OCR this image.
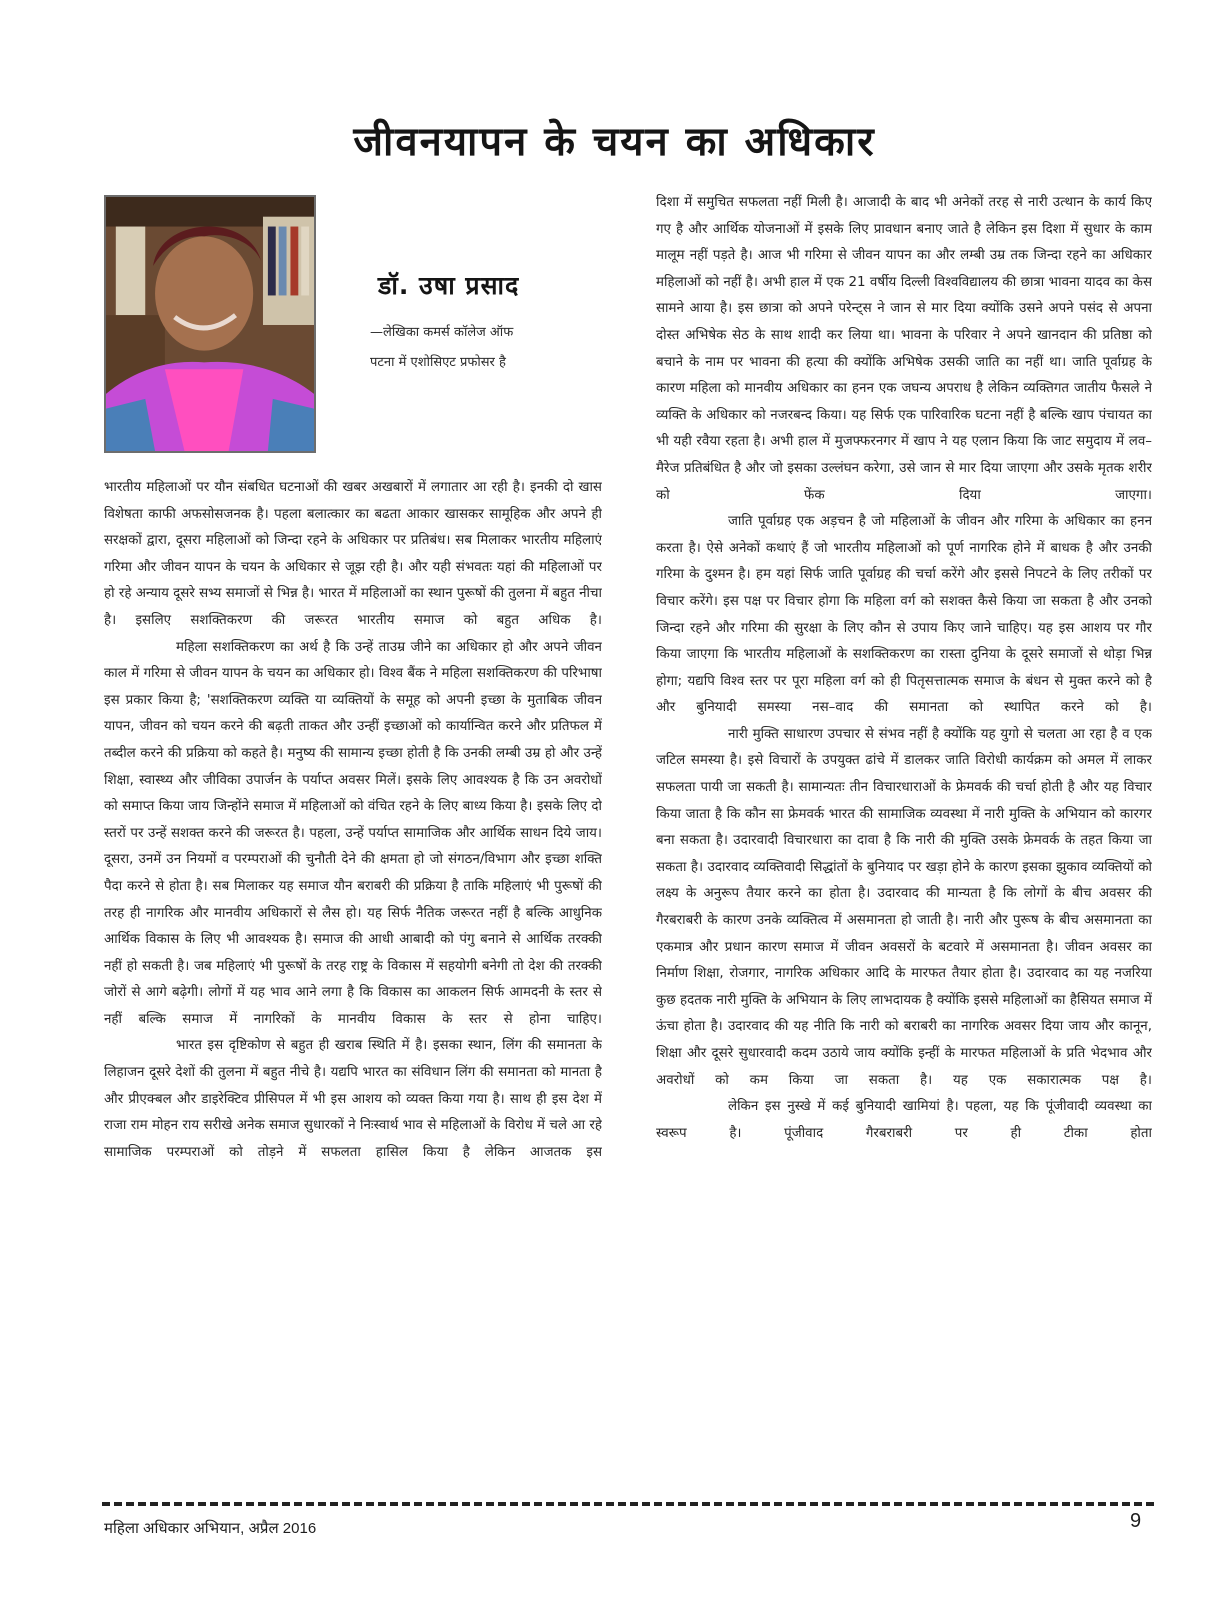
जीवनयापन के चयन का अधिकार
डॉ. उषा प्रसाद
—लेखिका कमर्स कॉलेज ऑफ
पटना में एशोसिएट प्रफोसर है

भारतीय महिलाओं पर यौन संबधित घटनाओं की खबर अखबारों में लगातार आ रही है। इनकी दो खास विशेषता काफी अफसोसजनक है। पहला बलात्कार का बढता आकार खासकर सामूहिक और अपने ही सरक्षकों द्वारा, दूसरा महिलाओं को जिन्दा रहने के अधिकार पर प्रतिबंध। सब मिलाकर भारतीय महिलाएं गरिमा और जीवन यापन के चयन के अधिकार से जूझ रही है। और यही संभवतः यहां की महिलाओं पर हो रहे अन्याय दूसरे सभ्य समाजों से भिन्न है। भारत में महिलाओं का स्थान पुरूषों की तुलना में बहुत नीचा है। इसलिए सशक्तिकरण की जरूरत भारतीय समाज को बहुत अधिक है।

महिला सशक्तिकरण का अर्थ है कि उन्हें ताउम्र जीने का अधिकार हो और अपने जीवन काल में गरिमा से जीवन यापन के चयन का अधिकार हो। विश्व बैंक ने महिला सशक्तिकरण की परिभाषा इस प्रकार किया है; 'सशक्तिकरण व्यक्ति या व्यक्तियों के समूह को अपनी इच्छा के मुताबिक जीवन यापन, जीवन को चयन करने की बढ़ती ताकत और उन्हीं इच्छाओं को कार्यान्वित करने और प्रतिफल में तब्दील करने की प्रक्रिया को कहते है। मनुष्य की सामान्य इच्छा होती है कि उनकी लम्बी उम्र हो और उन्हें शिक्षा, स्वास्थ्य और जीविका उपार्जन के पर्याप्त अवसर मिलें। इसके लिए आवश्यक है कि उन अवरोधों को समाप्त किया जाय जिन्होंने समाज में महिलाओं को वंचित रहने के लिए बाध्य किया है। इसके लिए दो स्तरों पर उन्हें सशक्त करने की जरूरत है। पहला, उन्हें पर्याप्त सामाजिक और आर्थिक साधन दिये जाय। दूसरा, उनमें उन नियमों व परम्पराओं की चुनौती देने की क्षमता हो जो संगठन/विभाग और इच्छा शक्ति पैदा करने से होता है। सब मिलाकर यह समाज यौन बराबरी की प्रक्रिया है ताकि महिलाएं भी पुरूषों की तरह ही नागरिक और मानवीय अधिकारों से लैस हो। यह सिर्फ नैतिक जरूरत नहीं है बल्कि आधुनिक आर्थिक विकास के लिए भी आवश्यक है। समाज की आधी आबादी को पंगु बनाने से आर्थिक तरक्की नहीं हो सकती है। जब महिलाएं भी पुरूषों के तरह राष्ट्र के विकास में सहयोगी बनेगी तो देश की तरक्की जोरों से आगे बढ़ेगी। लोगों में यह भाव आने लगा है कि विकास का आकलन सिर्फ आमदनी के स्तर से नहीं बल्कि समाज में नागरिकों के मानवीय विकास के स्तर से होना चाहिए।

भारत इस दृष्टिकोण से बहुत ही खराब स्थिति में है। इसका स्थान, लिंग की समानता के लिहाजन दूसरे देशों की तुलना में बहुत नीचे है। यद्यपि भारत का संविधान लिंग की समानता को मानता है और प्रीएक्बल और डाइरेक्टिव प्रीसिपल में भी इस आशय को व्यक्त किया गया है। साथ ही इस देश में राजा राम मोहन राय सरीखे अनेक समाज सुधारकों ने निःस्वार्थ भाव से महिलाओं के विरोध में चले आ रहे सामाजिक परम्पराओं को तोड़ने में सफलता हासिल किया है लेकिन आजतक इस

दिशा में समुचित सफलता नहीं मिली है। आजादी के बाद भी अनेकों तरह से नारी उत्थान के कार्य किए गए है और आर्थिक योजनाओं में इसके लिए प्रावधान बनाए जाते है लेकिन इस दिशा में सुधार के काम मालूम नहीं पड़ते है। आज भी गरिमा से जीवन यापन का और लम्बी उम्र तक जिन्दा रहने का अधिकार महिलाओं को नहीं है। अभी हाल में एक 21 वर्षीय दिल्ली विश्वविद्यालय की छात्रा भावना यादव का केस सामने आया है। इस छात्रा को अपने परेन्ट्स ने जान से मार दिया क्योंकि उसने अपने पसंद से अपना दोस्त अभिषेक सेठ के साथ शादी कर लिया था। भावना के परिवार ने अपने खानदान की प्रतिष्ठा को बचाने के नाम पर भावना की हत्या की क्योंकि अभिषेक उसकी जाति का नहीं था। जाति पूर्वाग्रह के कारण महिला को मानवीय अधिकार का हनन एक जघन्य अपराध है लेकिन व्यक्तिगत जातीय फैसले ने व्यक्ति के अधिकार को नजरबन्द किया। यह सिर्फ एक पारिवारिक घटना नहीं है बल्कि खाप पंचायत का भी यही रवैया रहता है। अभी हाल में मुजफ्फरनगर में खाप ने यह एलान किया कि जाट समुदाय में लव–मैरेज प्रतिबंधित है और जो इसका उल्लंघन करेगा, उसे जान से मार दिया जाएगा और उसके मृतक शरीर को फेंक दिया जाएगा।

जाति पूर्वाग्रह एक अड़चन है जो महिलाओं के जीवन और गरिमा के अधिकार का हनन करता है। ऐसे अनेकों कथाएं हैं जो भारतीय महिलाओं को पूर्ण नागरिक होने में बाधक है और उनकी गरिमा के दुश्मन है। हम यहां सिर्फ जाति पूर्वाग्रह की चर्चा करेंगे और इससे निपटने के लिए तरीकों पर विचार करेंगे। इस पक्ष पर विचार होगा कि महिला वर्ग को सशक्त कैसे किया जा सकता है और उनको जिन्दा रहने और गरिमा की सुरक्षा के लिए कौन से उपाय किए जाने चाहिए। यह इस आशय पर गौर किया जाएगा कि भारतीय महिलाओं के सशक्तिकरण का रास्ता दुनिया के दूसरे समाजों से थोड़ा भिन्न होगा; यद्यपि विश्व स्तर पर पूरा महिला वर्ग को ही पितृसत्तात्मक समाज के बंधन से मुक्त करने को है और बुनियादी समस्या नस–वाद की समानता को स्थापित करने को है।

नारी मुक्ति साधारण उपचार से संभव नहीं है क्योंकि यह युगो से चलता आ रहा है व एक जटिल समस्या है। इसे विचारों के उपयुक्त ढांचे में डालकर जाति विरोधी कार्यक्रम को अमल में लाकर सफलता पायी जा सकती है। सामान्यतः तीन विचारधाराओं के फ्रेमवर्क की चर्चा होती है और यह विचार किया जाता है कि कौन सा फ्रेमवर्क भारत की सामाजिक व्यवस्था में नारी मुक्ति के अभियान को कारगर बना सकता है। उदारवादी विचारधारा का दावा है कि नारी की मुक्ति उसके फ्रेमवर्क के तहत किया जा सकता है। उदारवाद व्यक्तिवादी सिद्धांतों के बुनियाद पर खड़ा होने के कारण इसका झुकाव व्यक्तियों को लक्ष्य के अनुरूप तैयार करने का होता है। उदारवाद की मान्यता है कि लोगों के बीच अवसर की गैरबराबरी के कारण उनके व्यक्तित्व में असमानता हो जाती है। नारी और पुरूष के बीच असमानता का एकमात्र और प्रधान कारण समाज में जीवन अवसरों के बटवारे में असमानता है। जीवन अवसर का निर्माण शिक्षा, रोजगार, नागरिक अधिकार आदि के मारफत तैयार होता है। उदारवाद का यह नजरिया कुछ हदतक नारी मुक्ति के अभियान के लिए लाभदायक है क्योंकि इससे महिलाओं का हैसियत समाज में ऊंचा होता है। उदारवाद की यह नीति कि नारी को बराबरी का नागरिक अवसर दिया जाय और कानून, शिक्षा और दूसरे सुधारवादी कदम उठाये जाय क्योंकि इन्हीं के मारफत महिलाओं के प्रति भेदभाव और अवरोधों को कम किया जा सकता है। यह एक सकारात्मक पक्ष है।

लेकिन इस नुस्खे में कई बुनियादी खामियां है। पहला, यह कि पूंजीवादी व्यवस्था का स्वरूप है। पूंजीवाद गैरबराबरी पर ही टीका होता

महिला अधिकार अभियान, अप्रैल 2016	9
